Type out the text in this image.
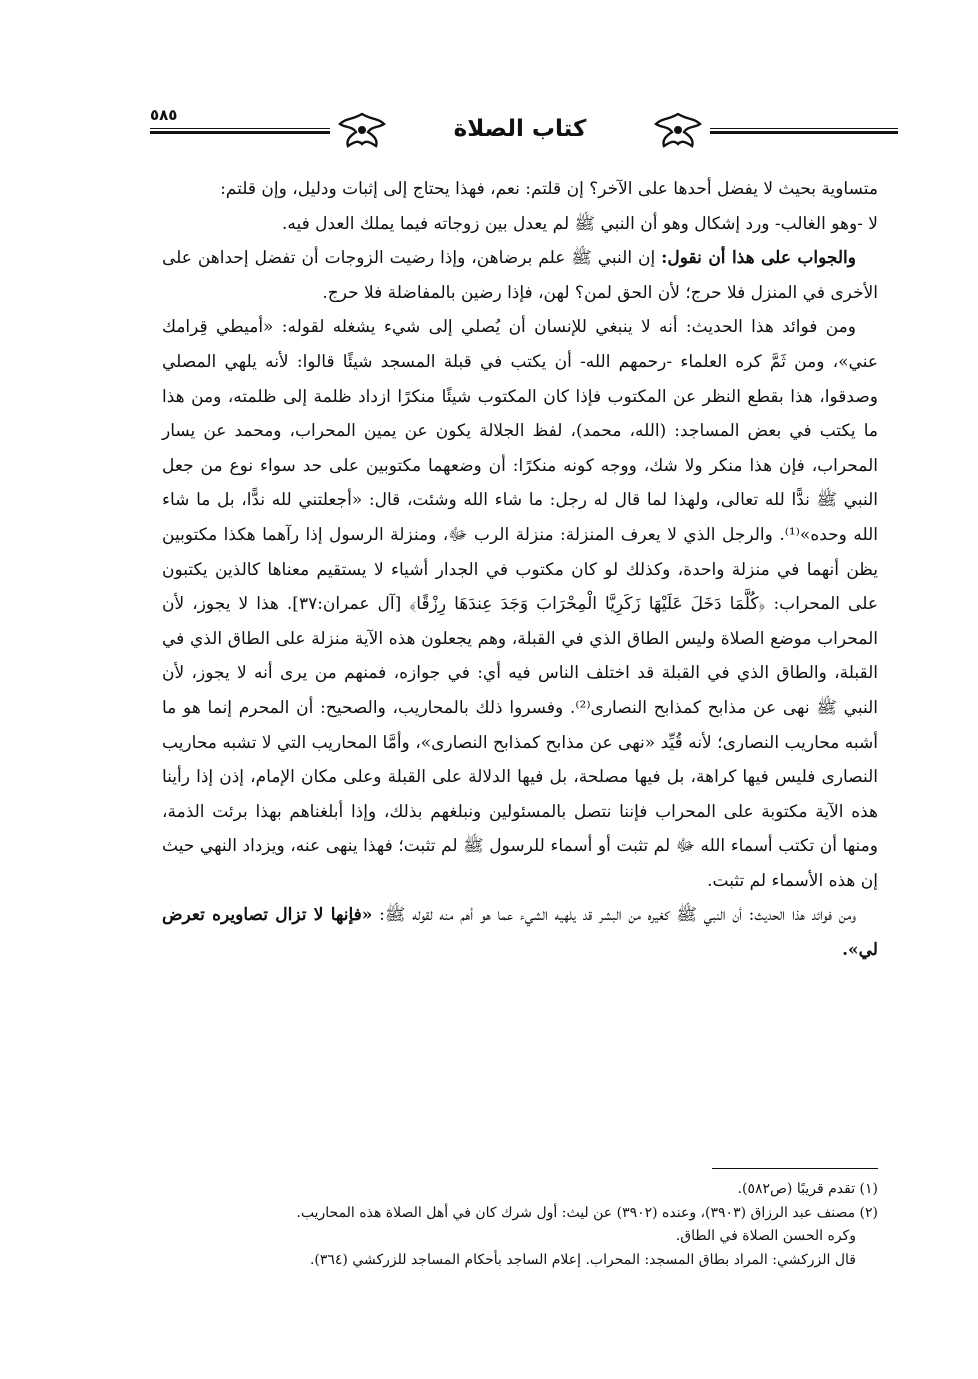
٥٨٥
كتاب الصلاة

متساوية بحيث لا يفضل أحدها على الآخر؟ إن قلتم: نعم، فهذا يحتاج إلى إثبات ودليل، وإن قلتم:

لا -وهو الغالب- ورد إشكال وهو أن النبي ﷺ لم يعدل بين زوجاته فيما يملك العدل فيه.

والجواب على هذا أن نقول: إن النبي ﷺ علم برضاهن، وإذا رضيت الزوجات أن تفضل إحداهن على الأخرى في المنزل فلا حرج؛ لأن الحق لمن؟ لهن، فإذا رضين بالمفاضلة فلا حرج.

ومن فوائد هذا الحديث: أنه لا ينبغي للإنسان أن يُصلي إلى شيء يشغله لقوله: «أميطي قِرامك عني»، ومن ثَمَّ كره العلماء -رحمهم الله- أن يكتب في قبلة المسجد شيئًا قالوا: لأنه يلهي المصلي وصدقوا، هذا بقطع النظر عن المكتوب فإذا كان المكتوب شيئًا منكرًا ازداد ظلمة إلى ظلمته، ومن هذا ما يكتب في بعض المساجد: (الله، محمد)، لفظ الجلالة يكون عن يمين المحراب، ومحمد عن يسار المحراب، فإن هذا منكر ولا شك، ووجه كونه منكرًا: أن وضعهما مكتوبين على حد سواء نوع من جعل النبي ﷺ ندًّا لله تعالى، ولهذا لما قال له رجل: ما شاء الله وشئت، قال: «أجعلتني لله ندًّا، بل ما شاء الله وحده»⁽¹⁾. والرجل الذي لا يعرف المنزلة: منزلة الرب ﷻ، ومنزلة الرسول إذا رآهما هكذا مكتوبين يظن أنهما في منزلة واحدة، وكذلك لو كان مكتوب في الجدار أشياء لا يستقيم معناها كالذين يكتبون على المحراب: ﴿كُلَّمَا دَخَلَ عَلَيْهَا زَكَرِيَّا الْمِحْرَابَ وَجَدَ عِندَهَا رِزْقًا﴾ [آل عمران:٣٧]. هذا لا يجوز، لأن المحراب موضع الصلاة وليس الطاق الذي في القبلة، وهم يجعلون هذه الآية منزلة على الطاق الذي في القبلة، والطاق الذي في القبلة قد اختلف الناس فيه أي: في جوازه، فمنهم من يرى أنه لا يجوز، لأن النبي ﷺ نهى عن مذابح كمذابح النصارى⁽²⁾. وفسروا ذلك بالمحاريب، والصحيح: أن المحرم إنما هو ما أشبه محاريب النصارى؛ لأنه قُيِّد «نهى عن مذابح كمذابح النصارى»، وأمَّا المحاريب التي لا تشبه محاريب النصارى فليس فيها كراهة، بل فيها مصلحة، بل فيها الدلالة على القبلة وعلى مكان الإمام، إذن إذا رأينا هذه الآية مكتوبة على المحراب فإننا نتصل بالمسئولين ونبلغهم بذلك، وإذا أبلغناهم بهذا برئت الذمة، ومنها أن تكتب أسماء الله ﷻ لم تثبت أو أسماء للرسول ﷺ لم تثبت؛ فهذا ينهى عنه، ويزداد النهي حيث إن هذه الأسماء لم تثبت.

ومن فوائد هذا الحديث: أن النبي ﷺ كغيره من البشر قد يلهيه الشيء عما هو أهم منه لقوله ﷺ: «فإنها لا تزال تصاويره تعرض لي».

(١) تقدم قريبًا (ص٥٨٢).

(٢) مصنف عبد الرزاق (٣٩٠٣)، وعنده (٣٩٠٢) عن ليث: أول شرك كان في أهل الصلاة هذه المحاريب.

وكره الحسن الصلاة في الطاق.

قال الزركشي: المراد بطاق المسجد: المحراب. إعلام الساجد بأحكام المساجد للزركشي (٣٦٤).
